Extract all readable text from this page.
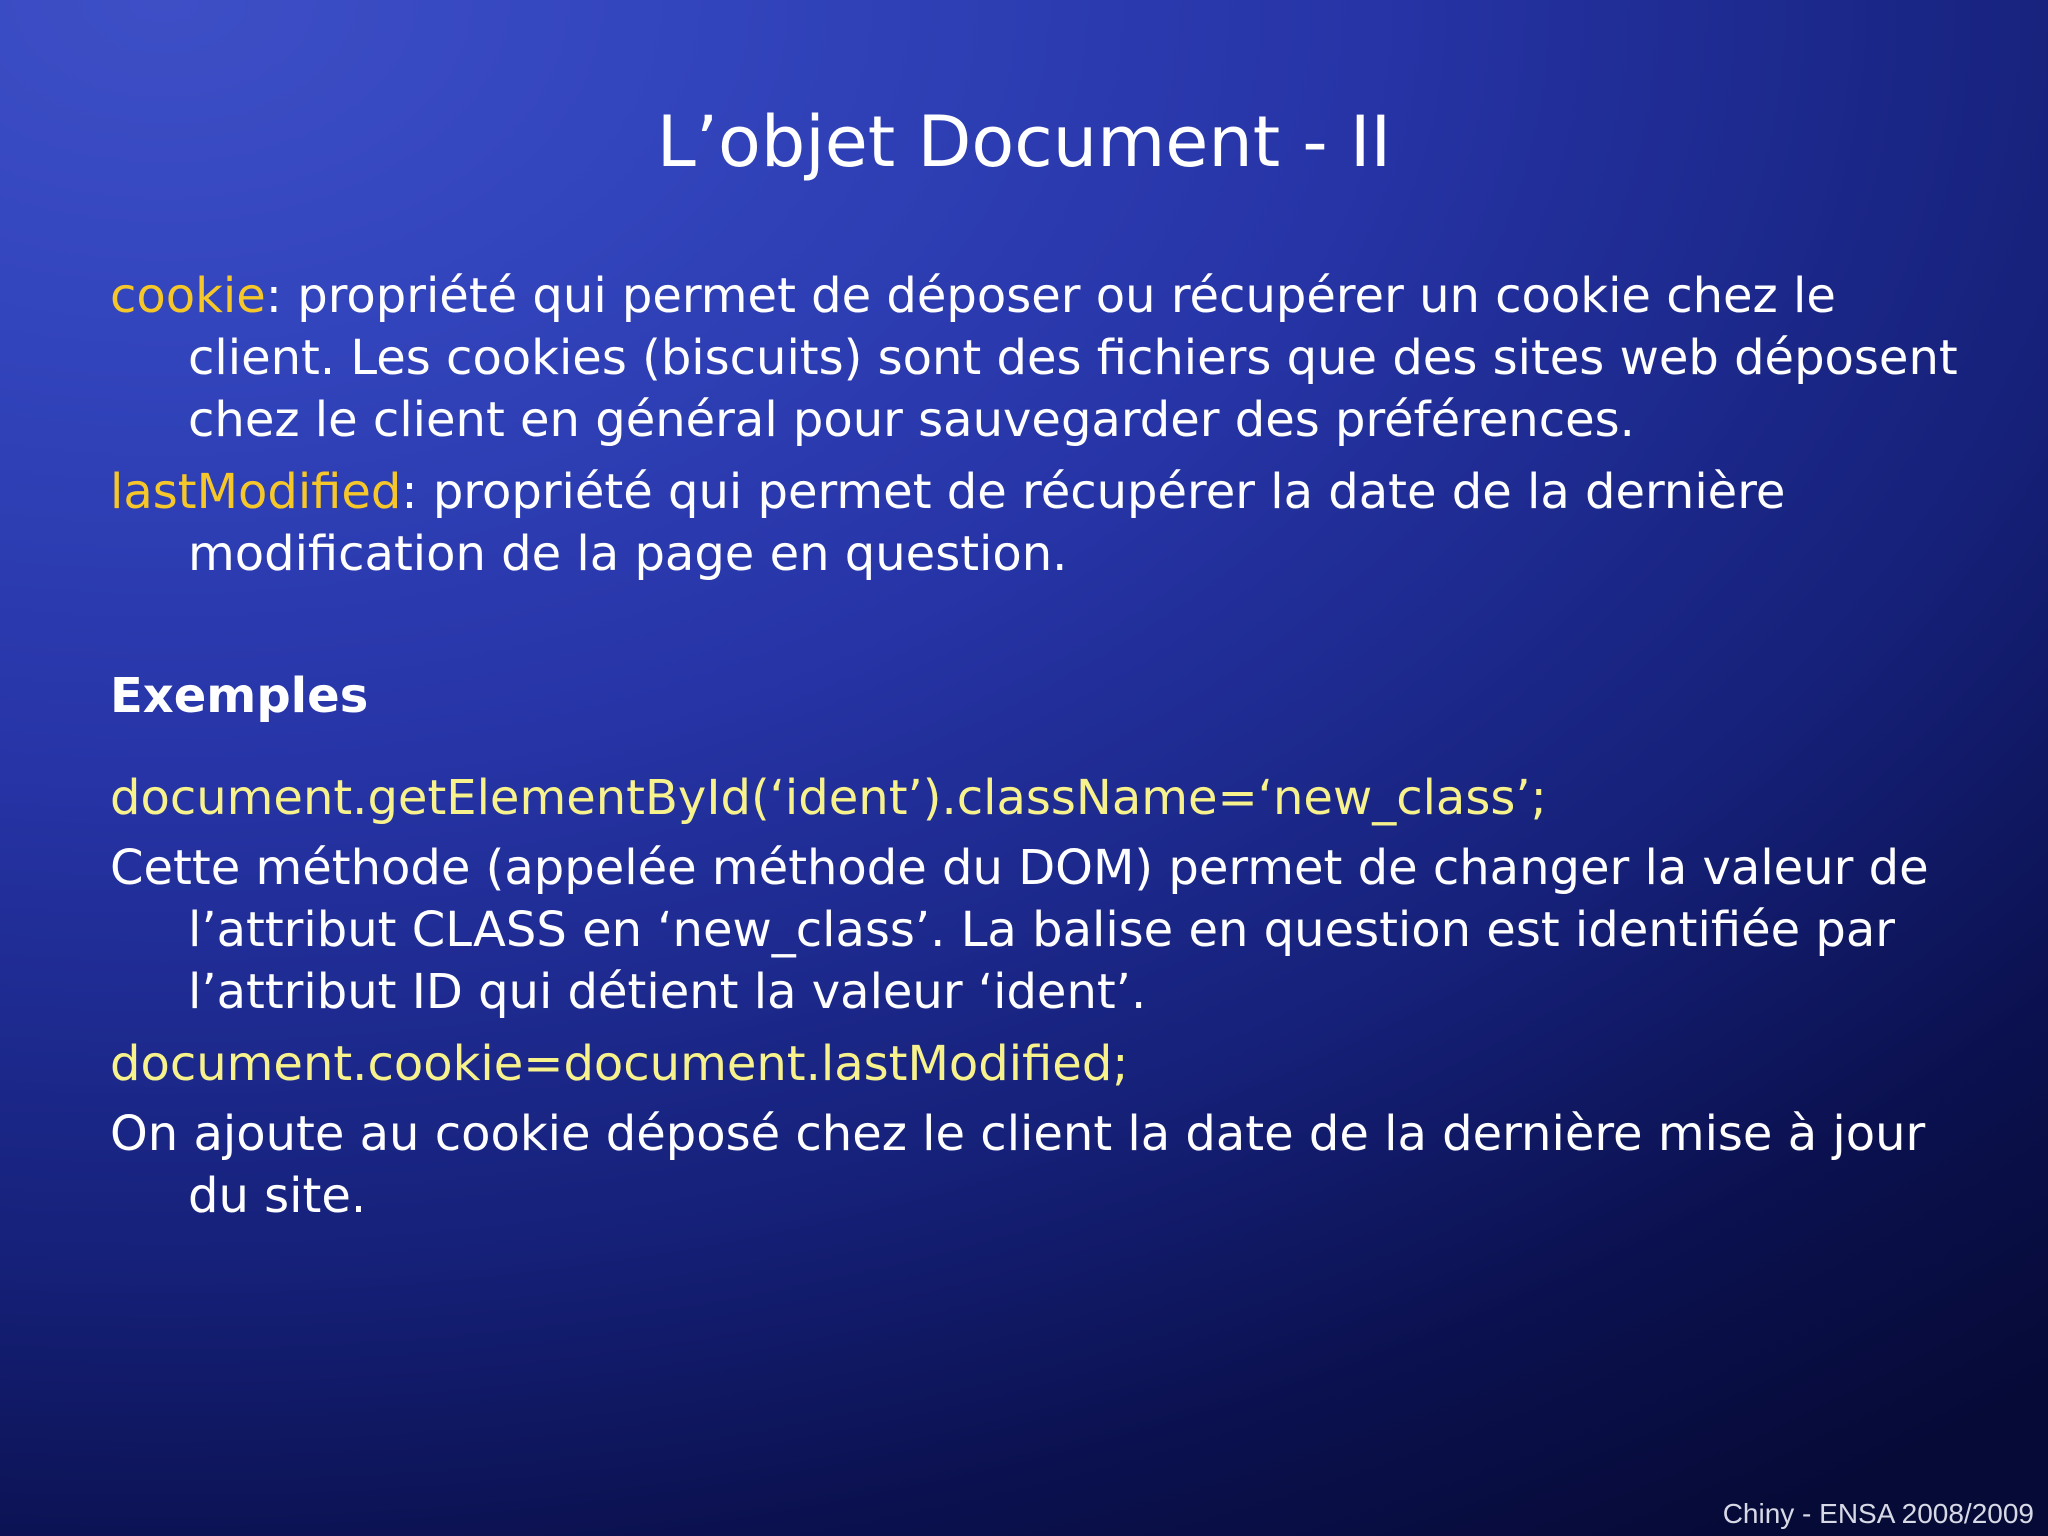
L’objet Document - II

cookie: propriété qui permet de déposer ou récupérer un cookie chez le client. Les cookies (biscuits) sont des fichiers que des sites web déposent chez le client en général pour sauvegarder des préférences.

lastModified: propriété qui permet de récupérer la date de la dernière modification de la page en question.

Exemples

document.getElementById(‘ident’).className=‘new_class’;

Cette méthode (appelée méthode du DOM) permet de changer la valeur de l’attribut CLASS en ‘new_class’. La balise en question est identifiée par l’attribut ID qui détient la valeur ‘ident’.

document.cookie=document.lastModified;

On ajoute au cookie déposé chez le client la date de la dernière mise à jour du site.

Chiny - ENSA 2008/2009
